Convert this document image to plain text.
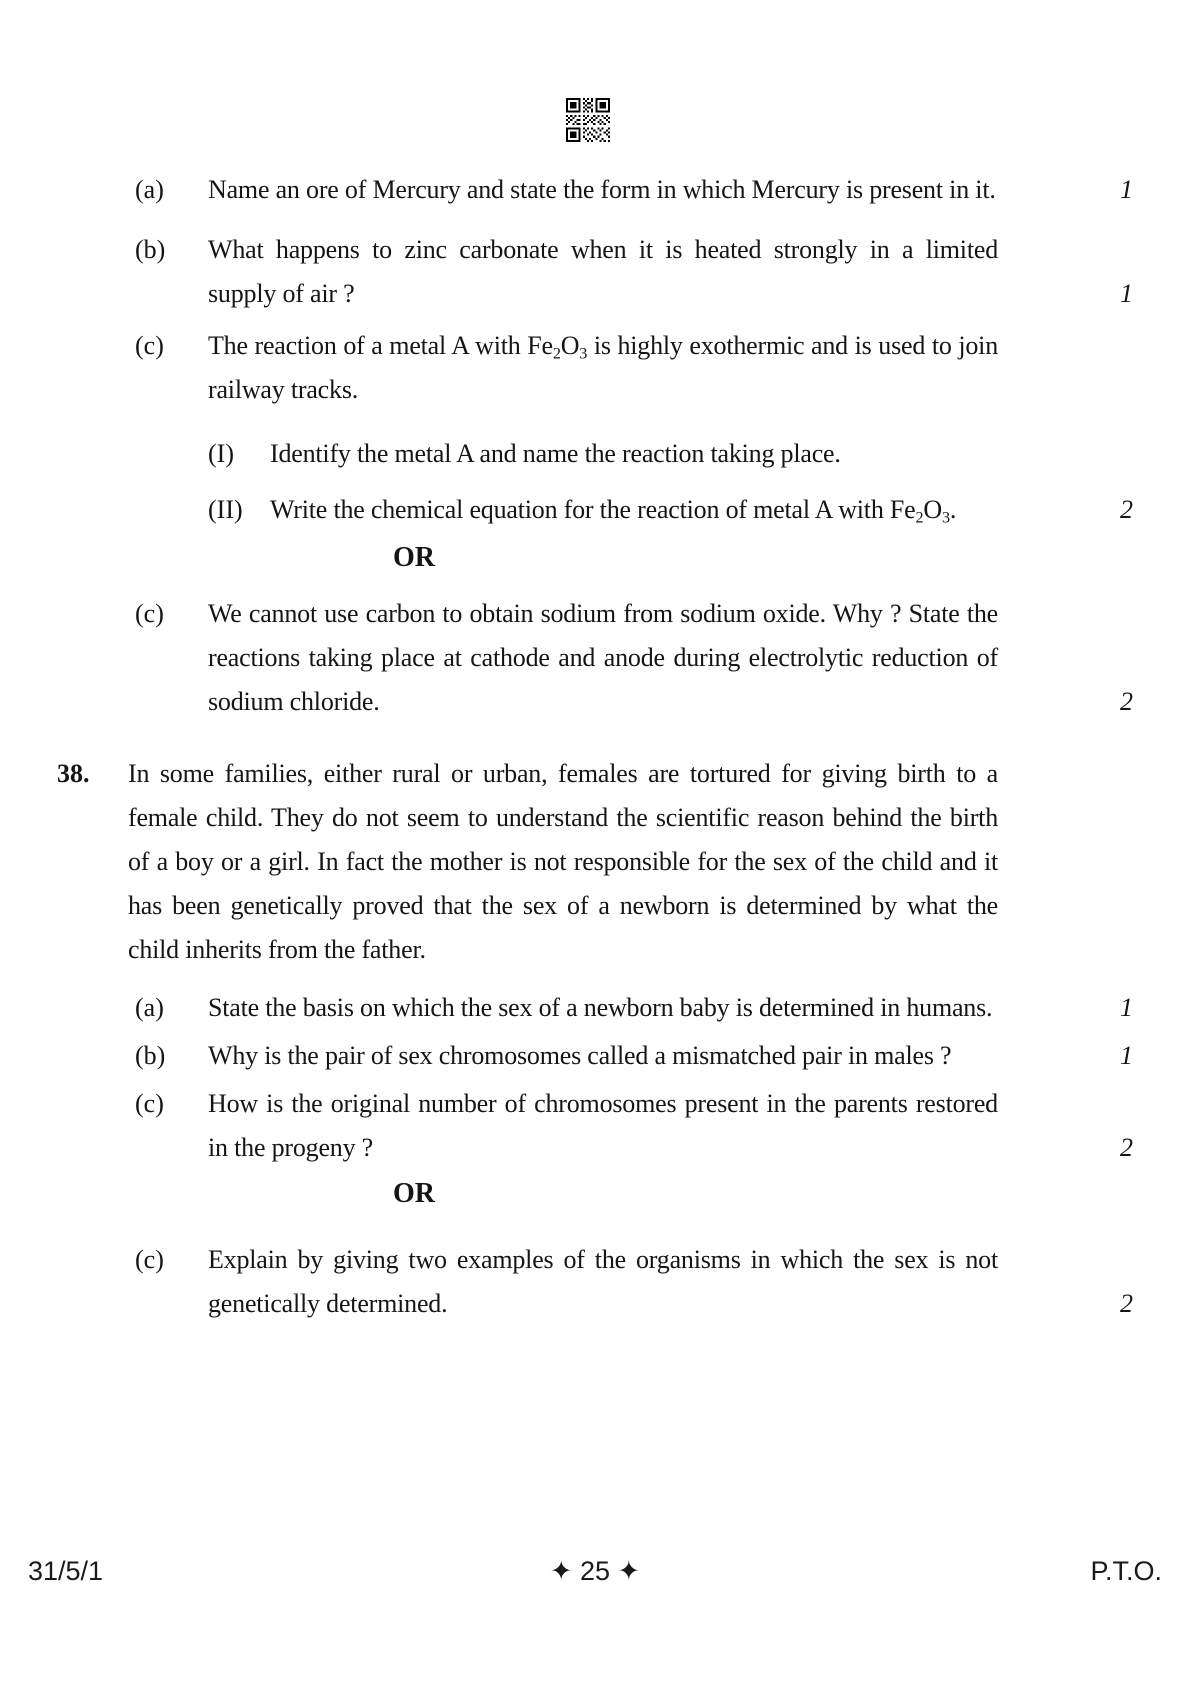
(a)	Name an ore of Mercury and state the form in which Mercury is present in it.	1
(b)	What happens to zinc carbonate when it is heated strongly in a limited supply of air ?	1
(c)	The reaction of a metal A with $Fe_2O_3$ is highly exothermic and is used to join railway tracks.
(I)	Identify the metal A and name the reaction taking place.
(II)	Write the chemical equation for the reaction of metal A with $Fe_2O_3$.	2
OR
(c)	We cannot use carbon to obtain sodium from sodium oxide. Why ? State the reactions taking place at cathode and anode during electrolytic reduction of sodium chloride.	2
38.	In some families, either rural or urban, females are tortured for giving birth to a female child. They do not seem to understand the scientific reason behind the birth of a boy or a girl. In fact the mother is not responsible for the sex of the child and it has been genetically proved that the sex of a newborn is determined by what the child inherits from the father.
(a)	State the basis on which the sex of a newborn baby is determined in humans.	1
(b)	Why is the pair of sex chromosomes called a mismatched pair in males ?	1
(c)	How is the original number of chromosomes present in the parents restored in the progeny ?	2
OR
(c)	Explain by giving two examples of the organisms in which the sex is not genetically determined.	2
31/5/1	✦ 25 ✦	P.T.O.
